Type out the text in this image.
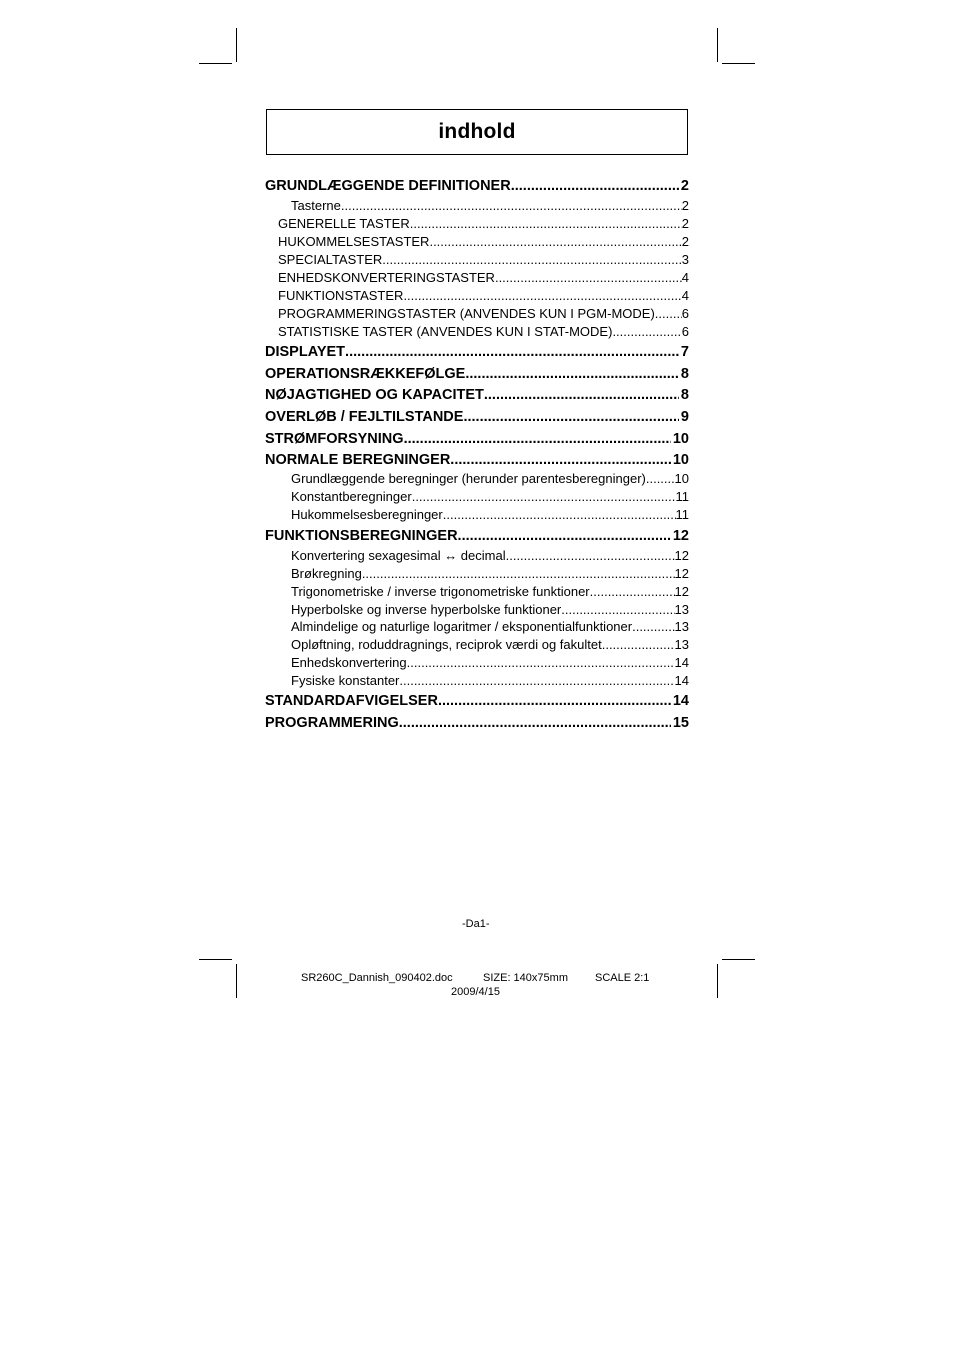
indhold
GRUNDLÆGGENDE DEFINITIONER .....	2
Tasterne .....	2
GENERELLE TASTER .....	2
HUKOMMELSESTASTER .....	2
SPECIALTASTER .....	3
ENHEDSKONVERTERINGSTASTER .....	4
FUNKTIONSTASTER .....	4
PROGRAMMERINGSTASTER (ANVENDES KUN I PGM-MODE) ..... 6
STATISTISKE TASTER (ANVENDES KUN I STAT-MODE) .....	6
DISPLAYET .....	7
OPERATIONSRÆKKEFØLGE .....	8
NØJAGTIGHED OG KAPACITET .....	8
OVERLØB / FEJLTILSTANDE .....	9
STRØMFORSYNING .....	10
NORMALE BEREGNINGER .....	10
Grundlæggende beregninger (herunder parentesberegninger) ..... 10
Konstantberegninger .....	11
Hukommelsesberegninger .....	11
FUNKTIONSBEREGNINGER .....	12
Konvertering sexagesimal ↔ decimal .....	12
Brøkregning .....	12
Trigonometriske / inverse trigonometriske funktioner .....	12
Hyperbolske og inverse hyperbolske funktioner .....	13
Almindelige og naturlige logaritmer / eksponentialfunktioner .....	13
Opløftning, roduddragnings, reciprok værdi og fakultet .....	13
Enhedskonvertering .....	14
Fysiske konstanter .....	14
STANDARDAFVIGELSER .....	14
PROGRAMMERING .....	15
-Da1-
SR260C_Dannish_090402.doc	SIZE: 140x75mm SCALE 2:1
2009/4/15
